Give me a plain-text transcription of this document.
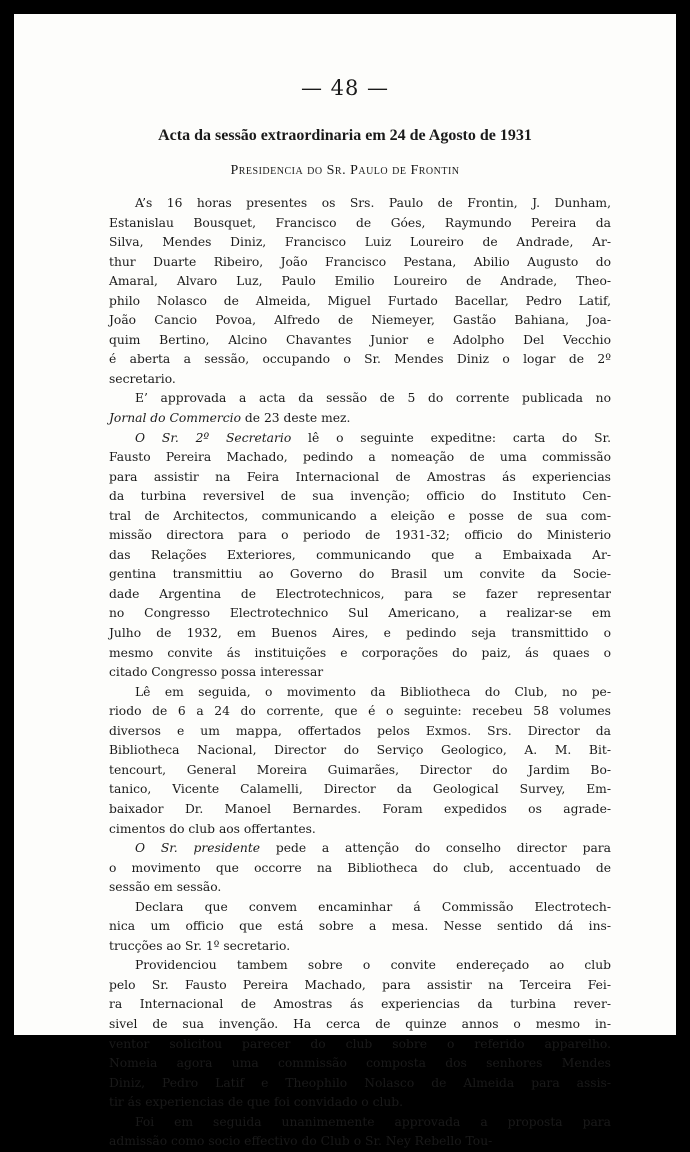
— 48 —
Acta da sessão extraordinaria em 24 de Agosto de 1931
Presidencia do Sr. Paulo de Frontin
A’s 16 horas presentes os Srs. Paulo de Frontin, J. Dunham,
Estanislau Bousquet, Francisco de Góes, Raymundo Pereira da
Silva, Mendes Diniz, Francisco Luiz Loureiro de Andrade, Ar-
thur Duarte Ribeiro, João Francisco Pestana, Abilio Augusto do
Amaral, Alvaro Luz, Paulo Emilio Loureiro de Andrade, Theo-
philo Nolasco de Almeida, Miguel Furtado Bacellar, Pedro Latif,
João Cancio Povoa, Alfredo de Niemeyer, Gastão Bahiana, Joa-
quim Bertino, Alcino Chavantes Junior e Adolpho Del Vecchio
é aberta a sessão, occupando o Sr. Mendes Diniz o logar de 2º
secretario.
E’ approvada a acta da sessão de 5 do corrente publicada no
Jornal do Commercio de 23 deste mez.
O Sr. 2º Secretario lê o seguinte expeditne: carta do Sr.
Fausto Pereira Machado, pedindo a nomeação de uma commissão
para assistir na Feira Internacional de Amostras ás experiencias
da turbina reversivel de sua invenção; officio do Instituto Cen-
tral de Architectos, communicando a eleição e posse de sua com-
missão directora para o periodo de 1931-32; officio do Ministerio
das Relações Exteriores, communicando que a Embaixada Ar-
gentina transmittiu ao Governo do Brasil um convite da Socie-
dade Argentina de Electrotechnicos, para se fazer representar
no Congresso Electrotechnico Sul Americano, a realizar-se em
Julho de 1932, em Buenos Aires, e pedindo seja transmittido o
mesmo convite ás instituições e corporações do paiz, ás quaes o
citado Congresso possa interessar
Lê em seguida, o movimento da Bibliotheca do Club, no pe-
riodo de 6 a 24 do corrente, que é o seguinte: recebeu 58 volumes
diversos e um mappa, offertados pelos Exmos. Srs. Director da
Bibliotheca Nacional, Director do Serviço Geologico, A. M. Bit-
tencourt, General Moreira Guimarães, Director do Jardim Bo-
tanico, Vicente Calamelli, Director da Geological Survey, Em-
baixador Dr. Manoel Bernardes. Foram expedidos os agrade-
cimentos do club aos offertantes.
O Sr. presidente pede a attenção do conselho director para
o movimento que occorre na Bibliotheca do club, accentuado de
sessão em sessão.
Declara que convem encaminhar á Commissão Electrotech-
nica um officio que está sobre a mesa. Nesse sentido dá ins-
trucções ao Sr. 1º secretario.
Providenciou tambem sobre o convite endereçado ao club
pelo Sr. Fausto Pereira Machado, para assistir na Terceira Fei-
ra Internacional de Amostras ás experiencias da turbina rever-
sivel de sua invenção. Ha cerca de quinze annos o mesmo in-
ventor solicitou parecer do club sobre o referido apparelho.
Nomeia agora uma commissão composta dos senhores Mendes
Diniz, Pedro Latif e Theophilo Nolasco de Almeida para assis-
tir ás experiencias de que foi convidado o club.
Foi em seguida unanimemente approvada a proposta para
admissão como socio effectivo do Club o Sr. Ney Rebello Tou-
